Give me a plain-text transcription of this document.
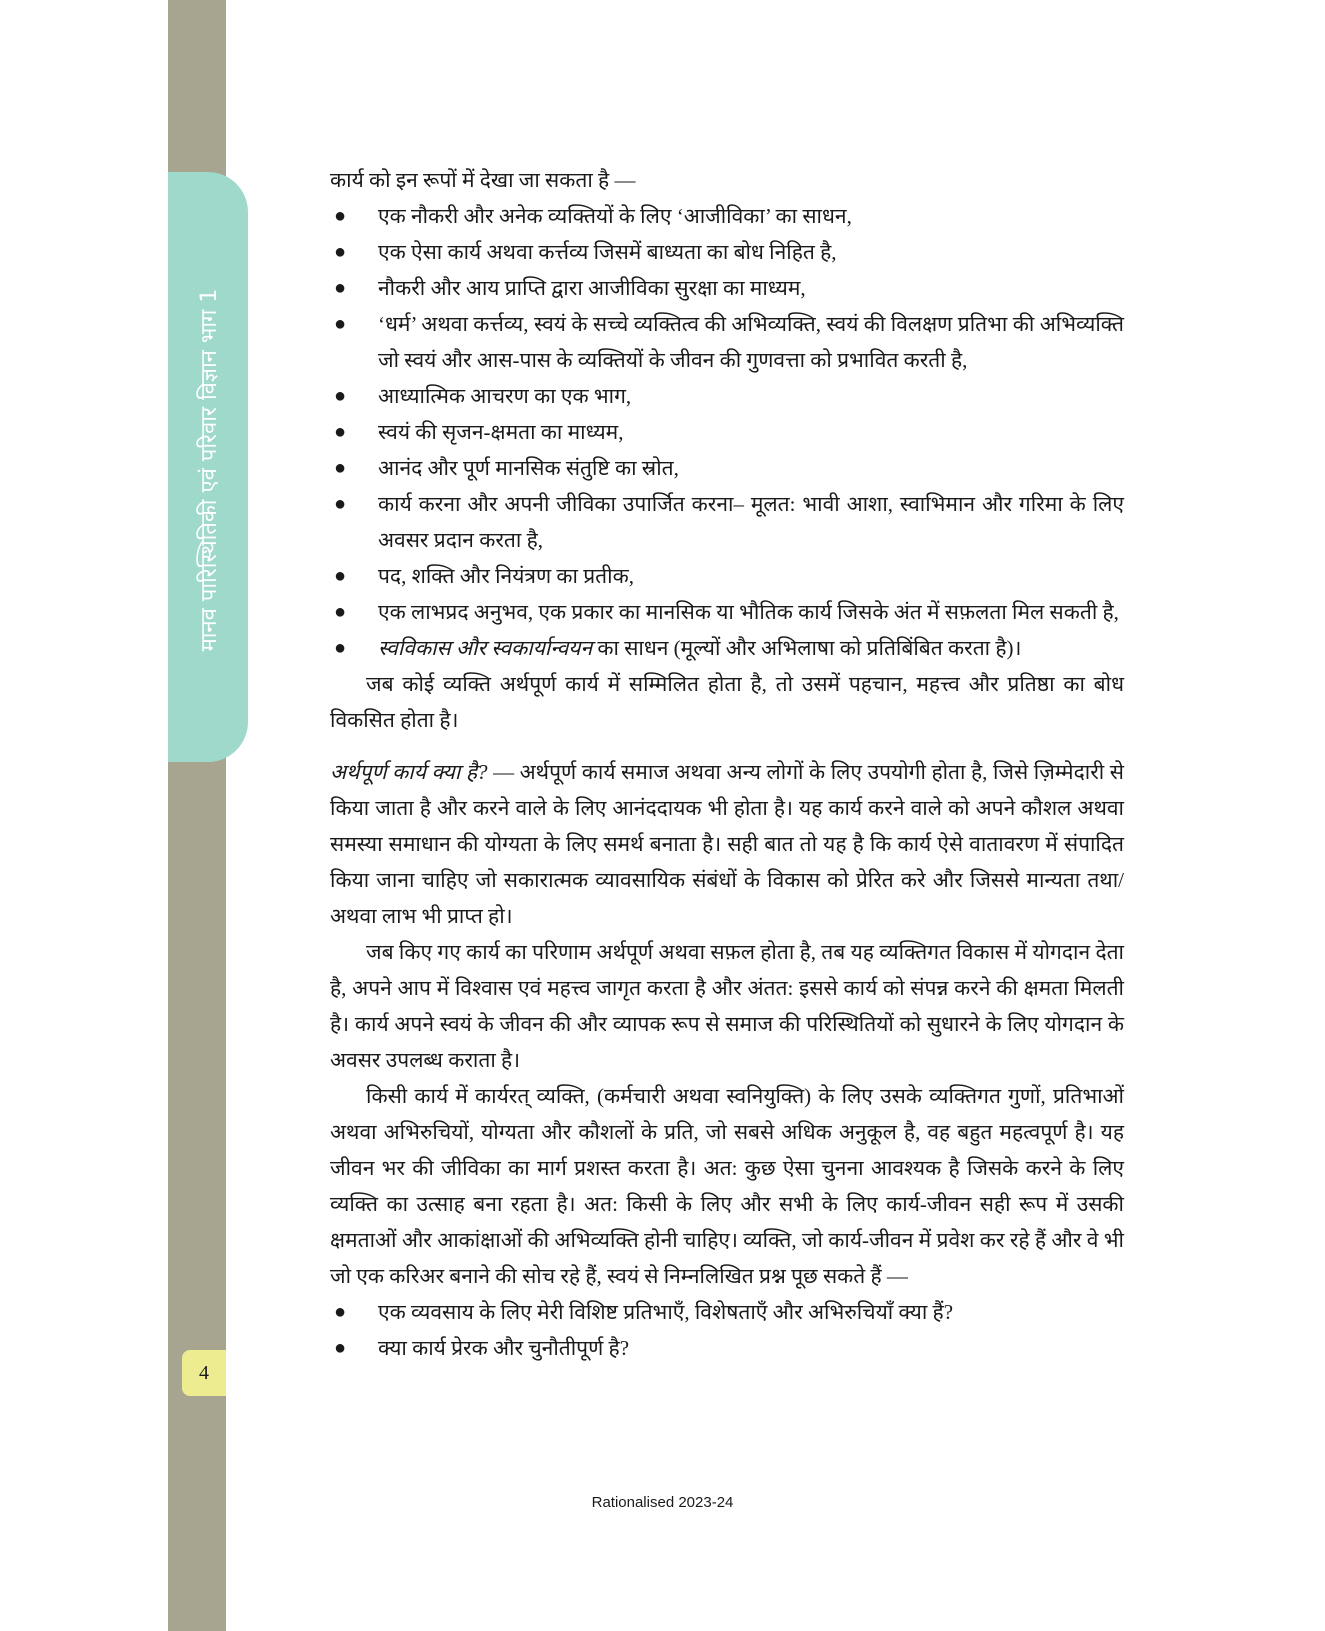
मानव पारिस्थितिकी एवं परिवार विज्ञान भाग 1
4

कार्य को इन रूपों में देखा जा सकता है —

● एक नौकरी और अनेक व्यक्तियों के लिए ‘आजीविका’ का साधन,
● एक ऐसा कार्य अथवा कर्त्तव्य जिसमें बाध्यता का बोध निहित है,
● नौकरी और आय प्राप्ति द्वारा आजीविका सुरक्षा का माध्यम,
● ‘धर्म’ अथवा कर्त्तव्य, स्वयं के सच्चे व्यक्तित्व की अभिव्यक्ति, स्वयं की विलक्षण प्रतिभा की अभिव्यक्ति जो स्वयं और आस-पास के व्यक्तियों के जीवन की गुणवत्ता को प्रभावित करती है,
● आध्यात्मिक आचरण का एक भाग,
● स्वयं की सृजन-क्षमता का माध्यम,
● आनंद और पूर्ण मानसिक संतुष्टि का स्रोत,
● कार्य करना और अपनी जीविका उपार्जित करना– मूलत: भावी आशा, स्वाभिमान और गरिमा के लिए अवसर प्रदान करता है,
● पद, शक्ति और नियंत्रण का प्रतीक,
● एक लाभप्रद अनुभव, एक प्रकार का मानसिक या भौतिक कार्य जिसके अंत में सफ़लता मिल सकती है,
● स्वविकास और स्वकार्यान्वयन का साधन (मूल्यों और अभिलाषा को प्रतिबिंबित करता है)।

जब कोई व्यक्ति अर्थपूर्ण कार्य में सम्मिलित होता है, तो उसमें पहचान, महत्त्व और प्रतिष्ठा का बोध विकसित होता है।

अर्थपूर्ण कार्य क्या है? — अर्थपूर्ण कार्य समाज अथवा अन्य लोगों के लिए उपयोगी होता है, जिसे ज़िम्मेदारी से किया जाता है और करने वाले के लिए आनंददायक भी होता है। यह कार्य करने वाले को अपने कौशल अथवा समस्या समाधान की योग्यता के लिए समर्थ बनाता है। सही बात तो यह है कि कार्य ऐसे वातावरण में संपादित किया जाना चाहिए जो सकारात्मक व्यावसायिक संबंधों के विकास को प्रेरित करे और जिससे मान्यता तथा/अथवा लाभ भी प्राप्त हो।

जब किए गए कार्य का परिणाम अर्थपूर्ण अथवा सफ़ल होता है, तब यह व्यक्तिगत विकास में योगदान देता है, अपने आप में विश्वास एवं महत्त्व जागृत करता है और अंतत: इससे कार्य को संपन्न करने की क्षमता मिलती है। कार्य अपने स्वयं के जीवन की और व्यापक रूप से समाज की परिस्थितियों को सुधारने के लिए योगदान के अवसर उपलब्ध कराता है।

किसी कार्य में कार्यरत् व्यक्ति, (कर्मचारी अथवा स्वनियुक्ति) के लिए उसके व्यक्तिगत गुणों, प्रतिभाओं अथवा अभिरुचियों, योग्यता और कौशलों के प्रति, जो सबसे अधिक अनुकूल है, वह बहुत महत्वपूर्ण है। यह जीवन भर की जीविका का मार्ग प्रशस्त करता है। अत: कुछ ऐसा चुनना आवश्यक है जिसके करने के लिए व्यक्ति का उत्साह बना रहता है। अत: किसी के लिए और सभी के लिए कार्य-जीवन सही रूप में उसकी क्षमताओं और आकांक्षाओं की अभिव्यक्ति होनी चाहिए। व्यक्ति, जो कार्य-जीवन में प्रवेश कर रहे हैं और वे भी जो एक करिअर बनाने की सोच रहे हैं, स्वयं से निम्नलिखित प्रश्न पूछ सकते हैं —

● एक व्यवसाय के लिए मेरी विशिष्ट प्रतिभाएँ, विशेषताएँ और अभिरुचियाँ क्या हैं?
● क्या कार्य प्रेरक और चुनौतीपूर्ण है?
Rationalised 2023-24
